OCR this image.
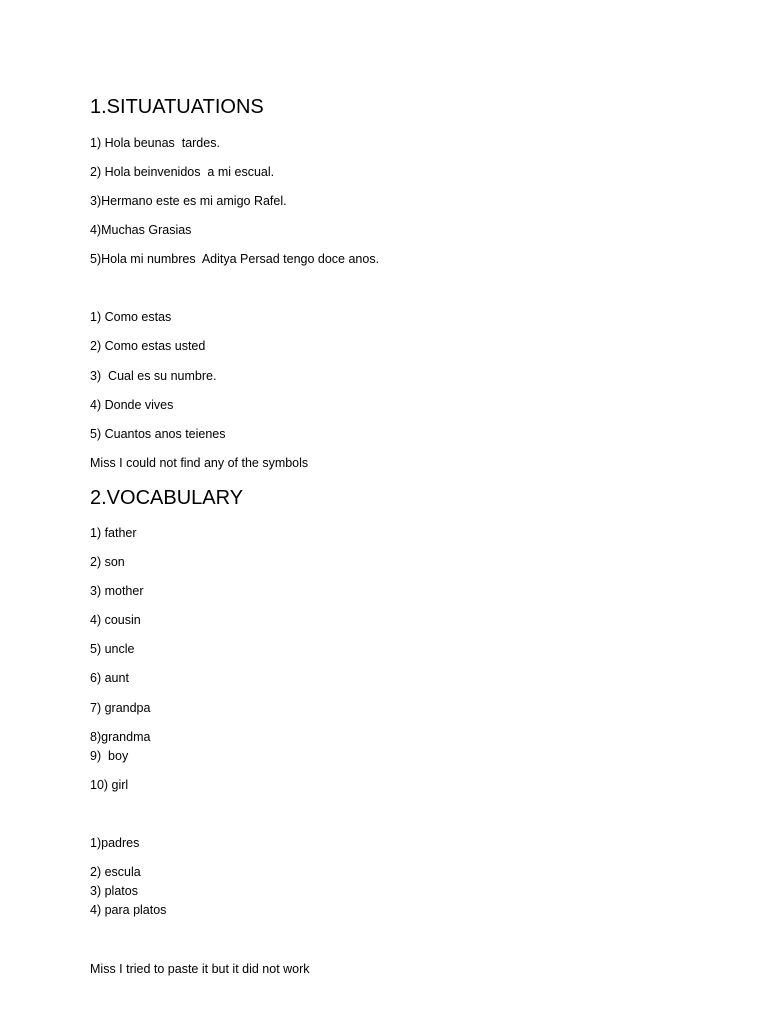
1.SITUATUATIONS
1) Hola beunas  tardes.
2) Hola beinvenidos  a mi escual.
3)Hermano este es mi amigo Rafel.
4)Muchas Grasias
5)Hola mi numbres  Aditya Persad tengo doce anos.
1) Como estas
2) Como estas usted
3)  Cual es su numbre.
4) Donde vives
5) Cuantos anos teienes
Miss I could not find any of the symbols
2.VOCABULARY
1) father
2) son
3) mother
4) cousin
5) uncle
6) aunt
7) grandpa
8)grandma
9)  boy
10) girl
1)padres
2) escula
3) platos
4) para platos
Miss I tried to paste it but it did not work
